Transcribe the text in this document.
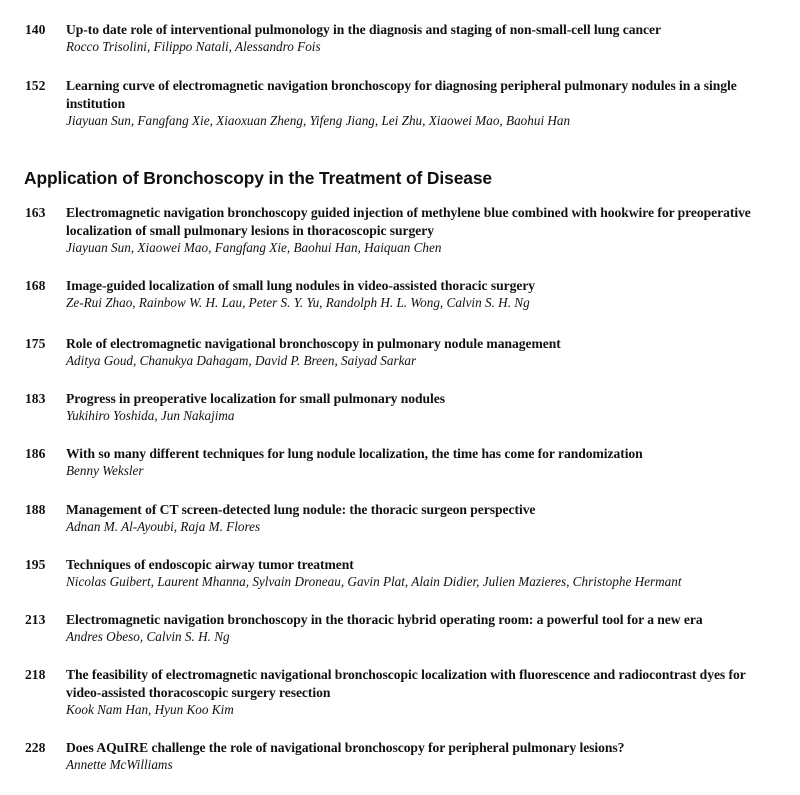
140	Up-to date role of interventional pulmonology in the diagnosis and staging of non-small-cell lung cancer
Rocco Trisolini, Filippo Natali, Alessandro Fois
152	Learning curve of electromagnetic navigation bronchoscopy for diagnosing peripheral pulmonary nodules in a single institution
Jiayuan Sun, Fangfang Xie, Xiaoxuan Zheng, Yifeng Jiang, Lei Zhu, Xiaowei Mao, Baohui Han
Application of Bronchoscopy in the Treatment of Disease
163	Electromagnetic navigation bronchoscopy guided injection of methylene blue combined with hookwire for preoperative localization of small pulmonary lesions in thoracoscopic surgery
Jiayuan Sun, Xiaowei Mao, Fangfang Xie, Baohui Han, Haiquan Chen
168	Image-guided localization of small lung nodules in video-assisted thoracic surgery
Ze-Rui Zhao, Rainbow W. H. Lau, Peter S. Y. Yu, Randolph H. L. Wong, Calvin S. H. Ng
175	Role of electromagnetic navigational bronchoscopy in pulmonary nodule management
Aditya Goud, Chanukya Dahagam, David P. Breen, Saiyad Sarkar
183	Progress in preoperative localization for small pulmonary nodules
Yukihiro Yoshida, Jun Nakajima
186	With so many different techniques for lung nodule localization, the time has come for randomization
Benny Weksler
188	Management of CT screen-detected lung nodule: the thoracic surgeon perspective
Adnan M. Al-Ayoubi, Raja M. Flores
195	Techniques of endoscopic airway tumor treatment
Nicolas Guibert, Laurent Mhanna, Sylvain Droneau, Gavin Plat, Alain Didier, Julien Mazieres, Christophe Hermant
213	Electromagnetic navigation bronchoscopy in the thoracic hybrid operating room: a powerful tool for a new era
Andres Obeso, Calvin S. H. Ng
218	The feasibility of electromagnetic navigational bronchoscopic localization with fluorescence and radiocontrast dyes for video-assisted thoracoscopic surgery resection
Kook Nam Han, Hyun Koo Kim
228	Does AQuIRE challenge the role of navigational bronchoscopy for peripheral pulmonary lesions?
Annette McWilliams
